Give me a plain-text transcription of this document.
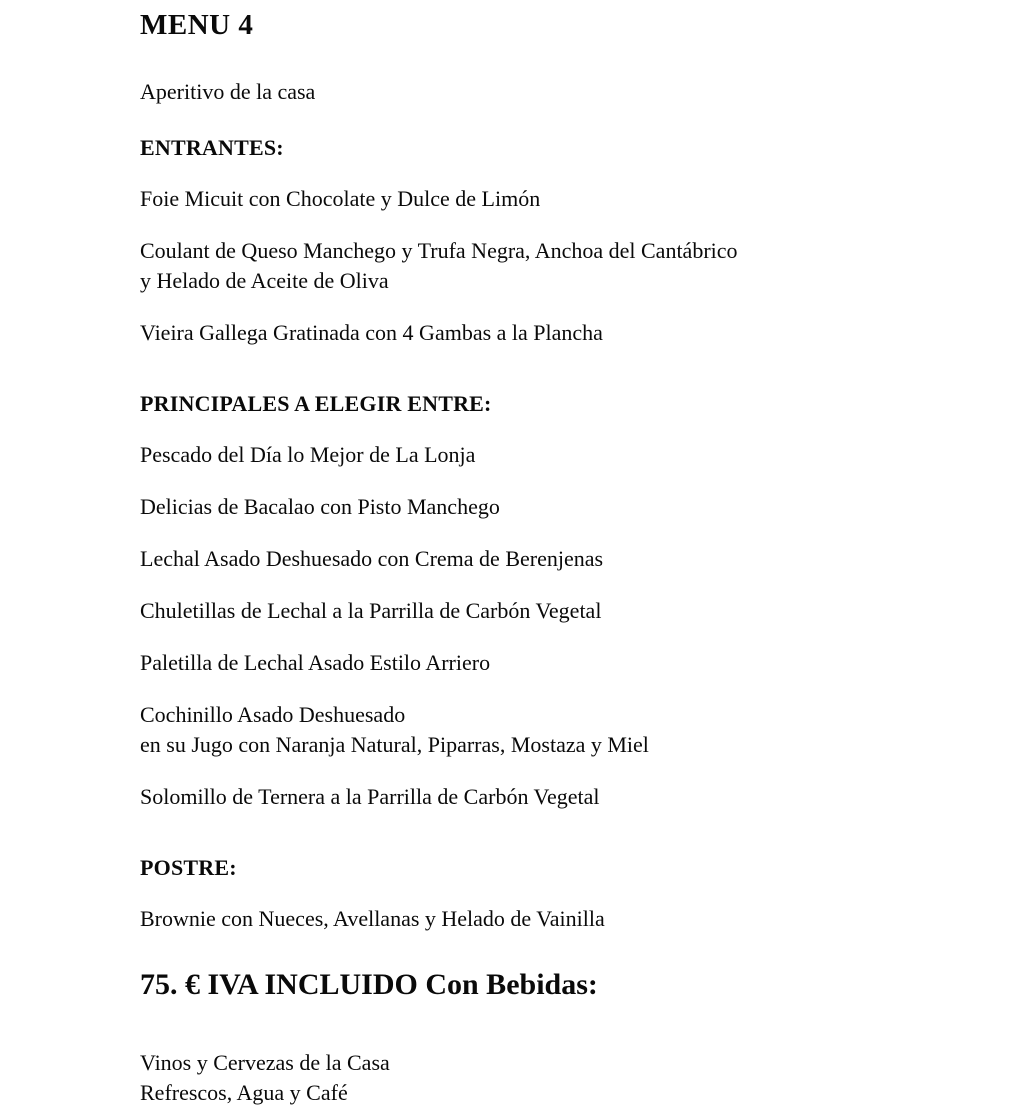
MENU 4

Aperitivo de la casa

ENTRANTES:

Foie Micuit con Chocolate y Dulce de Limón

Coulant de Queso Manchego y Trufa Negra, Anchoa del Cantábrico
y Helado de Aceite de Oliva

Vieira Gallega Gratinada con 4 Gambas a la Plancha

PRINCIPALES A ELEGIR ENTRE:

Pescado del Día lo Mejor de La Lonja

Delicias de Bacalao con Pisto Manchego

Lechal Asado Deshuesado con Crema de Berenjenas

Chuletillas de Lechal a la Parrilla de Carbón Vegetal

Paletilla de Lechal Asado Estilo Arriero

Cochinillo Asado Deshuesado
en su Jugo con Naranja Natural, Piparras, Mostaza y Miel

Solomillo de Ternera a la Parrilla de Carbón Vegetal

POSTRE:

Brownie con Nueces, Avellanas y Helado de Vainilla

75. € IVA INCLUIDO Con Bebidas:

Vinos y Cervezas de la Casa
Refrescos, Agua y Café
